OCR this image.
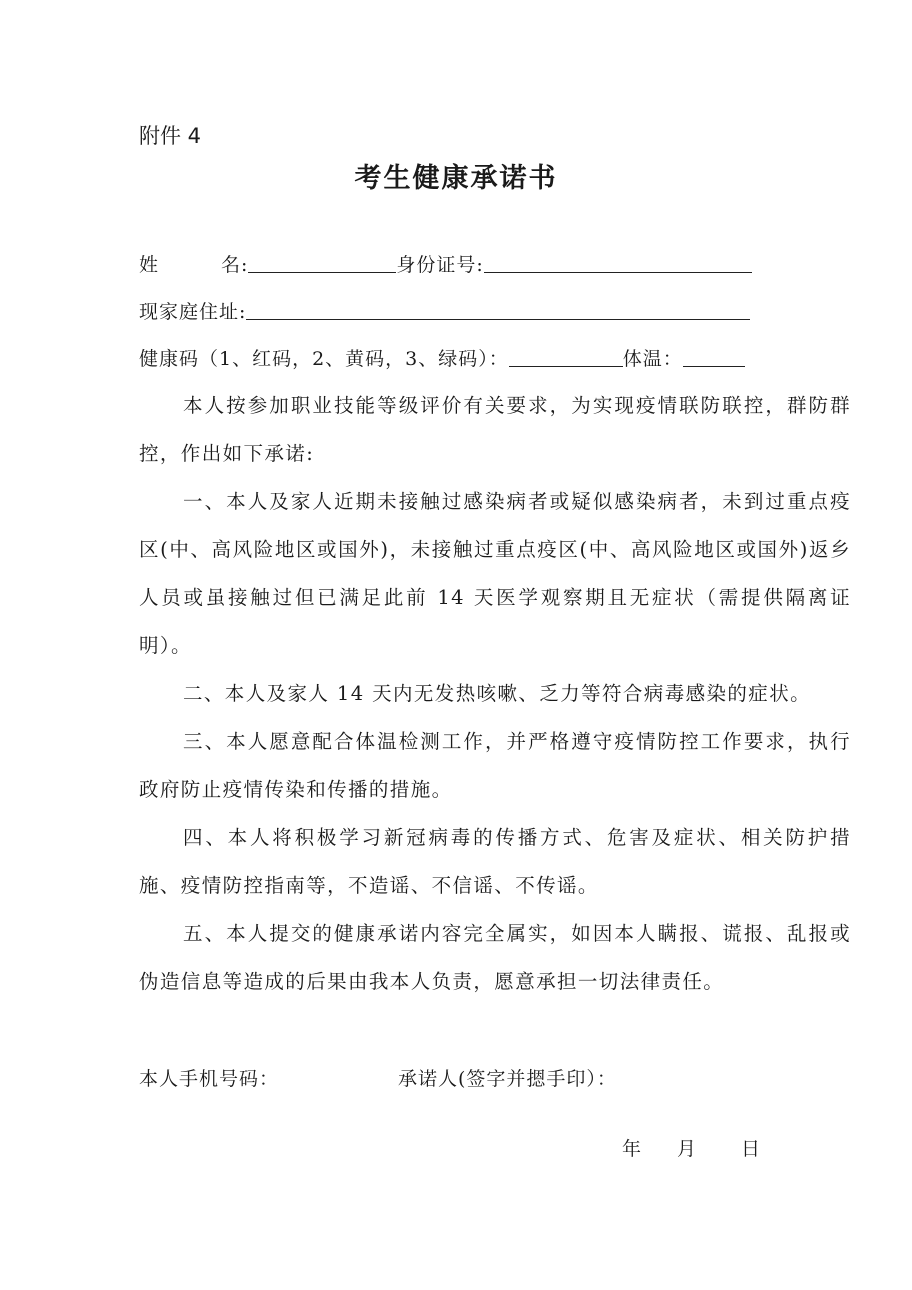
附件 4
考生健康承诺书
姓	名:	身份证号:
现家庭住址:
健康码（1、红码，2、黄码，3、绿码）：	体温：

本人按参加职业技能等级评价有关要求，为实现疫情联防联控，群防群控，作出如下承诺:

一、本人及家人近期未接触过感染病者或疑似感染病者，未到过重点疫区(中、高风险地区或国外)，未接触过重点疫区(中、高风险地区或国外)返乡人员或虽接触过但已满足此前 14 天医学观察期且无症状（需提供隔离证明）。

二、本人及家人 14 天内无发热咳嗽、乏力等符合病毒感染的症状。

三、本人愿意配合体温检测工作，并严格遵守疫情防控工作要求，执行政府防止疫情传染和传播的措施。

四、本人将积极学习新冠病毒的传播方式、危害及症状、相关防护措施、疫情防控指南等，不造谣、不信谣、不传谣。

五、本人提交的健康承诺内容完全属实，如因本人瞒报、谎报、乱报或伪造信息等造成的后果由我本人负责，愿意承担一切法律责任。

本人手机号码：	承诺人(签字并摁手印）：
年 月 日
